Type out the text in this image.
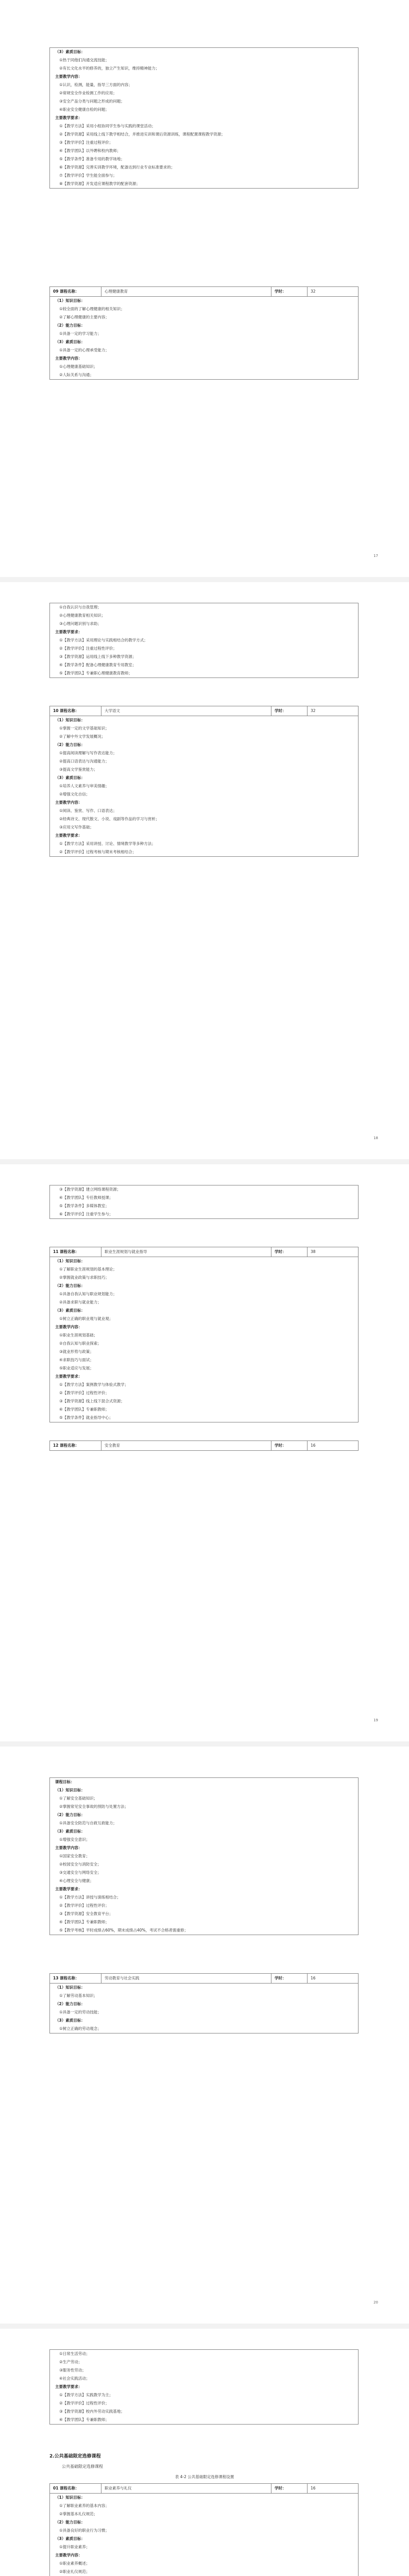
（3）素质目标：
①热于同他们沟通交流技能；
②有长文化水平的修养的，独立产生知识，维持精神能力；
主要教学内容：
①认识，检测，能量，指导三方面的内容；
②常规安全作业检测工作的应用；
③安全产品分类与问题之形成的问题；
④职业安全健康自检的问题；
主要教学要求：
①【教学方法】采用小组协同学生参与实践的课堂活动；
②【教学资源】采用线上线下教学相结合，并推进实训和课后资源训练，课程配置课程教学资源；
③【教学评价】注重过程评价；
④【教学团队】以外聘和校内教师；
⑤【教学条件】准备专用的教学场地；
⑥【教学资源】完善实训教学环境，配备达到行业专业标准要求的；
⑦【教学评价】学生能全面参与；
⑧【教学资源】开发适应课程教学的配套资源；
09 课程名称：	心理健康教育	学时：	32
（1）知识目标：
①较全面的了解心理健康的相关知识；
②了解心理健康的主要内容；
（2）能力目标：
①具备一定的学习能力；
（3）素质目标：
①具备一定的心理承受能力；
主要教学内容：
①心理健康基础知识；
②人际关系与沟通；
17
①自我认识与自我管理；
②心理健康教育相关知识；
③心理问题识别与求助；
主要教学要求：
①【教学方法】采用理论与实践相结合的教学方式；
②【教学评价】注重过程性评价；
③【教学资源】运用线上线下多种教学资源；
④【教学条件】配备心理健康教育专用教室；
⑤【教学团队】专兼职心理健康教育教师；
10 课程名称：	大学语文	学时：	32
（1）知识目标：
①掌握一定的文学基础知识；
②了解中外文学发展概况；
（2）能力目标：
①提高阅读理解与写作表达能力；
②提高口语表达与沟通能力；
③提高文学鉴赏能力；
（3）素质目标：
①培养人文素养与审美情趣；
②增强文化自信；
主要教学内容：
①阅读、鉴赏、写作、口语表达；
②经典诗文、现代散文、小说、戏剧等作品的学习与赏析；
③应用文写作基础；
主要教学要求：
①【教学方法】采用讲授、讨论、情境教学等多种方法；
②【教学评价】过程考核与期末考核相结合；
18
③【教学资源】建立网络课程资源；
④【教学团队】专任教师授课；
⑤【教学条件】多媒体教室；
⑥【教学评价】注重学生参与；
11 课程名称：	职业生涯规划与就业指导	学时：	38
（1）知识目标：
①了解职业生涯规划的基本理论；
②掌握就业政策与求职技巧；
（2）能力目标：
①具备自我认知与职业规划能力；
②具备求职与就业能力；
（3）素质目标：
①树立正确的职业观与就业观；
主要教学内容：
①职业生涯规划基础；
②自我认知与职业探索；
③就业形势与政策；
④求职技巧与面试；
⑤职业适应与发展；
主要教学要求：
①【教学方法】案例教学与体验式教学；
②【教学评价】过程性评价；
③【教学资源】线上线下混合式资源；
④【教学团队】专兼职教师；
⑤【教学条件】就业指导中心；
12 课程名称：	安全教育	学时：	16
19
课程目标：
（1）知识目标：
①了解安全基础知识；
②掌握常见安全事故的预防与处置方法；
（2）能力目标：
①具备安全防范与自救互救能力；
（3）素质目标：
①增强安全意识；
主要教学内容：
①国家安全教育；
②校园安全与消防安全；
③交通安全与网络安全；
④心理安全与健康；
主要教学要求：
①【教学方法】讲授与演练相结合；
②【教学评价】过程性评价；
③【教学资源】安全教育平台；
④【教学团队】专兼职教师；
⑤【教学考核】平时成绩占60%，期末成绩占40%，考试不合格者需重修；
13 课程名称：	劳动教育与社会实践	学时：	16
（1）知识目标：
①了解劳动基本知识；
（2）能力目标：
①具备一定的劳动技能；
（3）素质目标：
①树立正确的劳动观念；
20
①日常生活劳动；
②生产劳动；
③服务性劳动；
④社会实践活动；
主要教学要求：
①【教学方法】实践教学为主；
②【教学评价】过程性评价；
③【教学资源】校内外劳动实践基地；
④【教学团队】专兼职教师；
2.公共基础限定选修课程
公共基础限定选修课程
表 4-2 公共基础限定选修课程设置
01 课程名称：	职业素养与礼仪	学时：	16
（1）知识目标：
①了解职业素养的基本内容；
②掌握基本礼仪规范；
（2）能力目标：
①具备良好的职业行为习惯；
（3）素质目标：
①提升职业素养；
主要教学内容：
①职业素养概述；
②职业礼仪规范；
